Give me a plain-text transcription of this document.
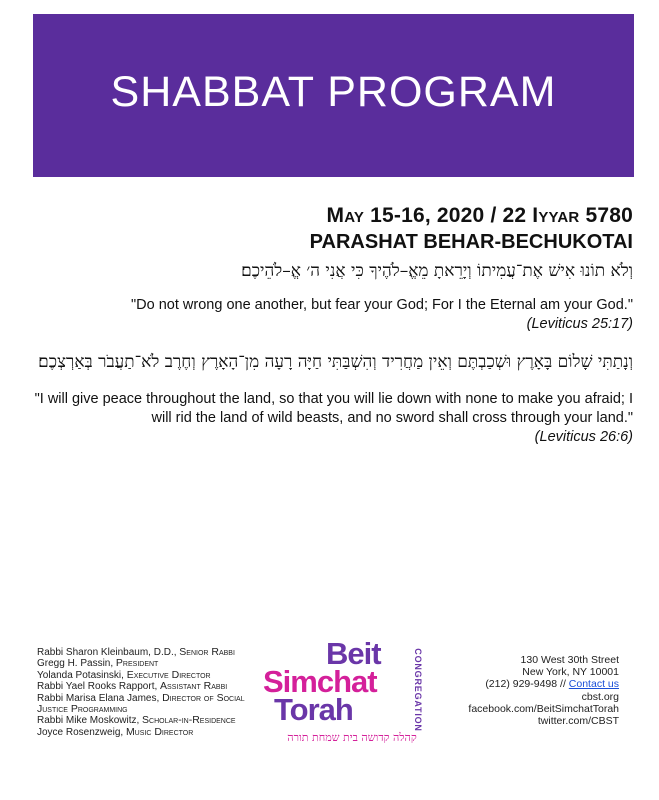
SHABBAT PROGRAM
May 15-16, 2020 / 22 Iyyar 5780
PARASHAT BEHAR-BECHUKOTAI
וְלֹא תוֹנוּ אִישׁ אֶת־עֲמִיתוֹ וְיָרֵאתָ מֵאֱ–לֹהֶיךָ כִּי אֲנִי ה׳ אֱ–לֹהֵיכֶם׃
"Do not wrong one another, but fear your God; For I the Eternal am your God."
(Leviticus 25:17)
וְנָתַתִּי שָׁלוֹם בָּאָרֶץ וּשְׁכַבְתֶּם וְאֵין מַחֲרִיד וְהִשְׁבַּתִּי חַיָּה רָעָה מִן־הָאָרֶץ וְחֶרֶב לֹא־תַעֲבֹר בְּאַרְצְכֶם׃
"I will give peace throughout the land, so that you will lie down with none to make you afraid; I will rid the land of wild beasts, and no sword shall cross through your land."
(Leviticus 26:6)
Rabbi Sharon Kleinbaum, D.D., Senior Rabbi
Gregg H. Passin, President
Yolanda Potasinski, Executive Director
Rabbi Yael Rooks Rapport, Assistant Rabbi
Rabbi Marisa Elana James, Director of Social Justice Programming
Rabbi Mike Moskowitz, Scholar-in-Residence
Joyce Rosenzweig, Music Director
Beit
Simchat
Torah	CONGREGATION
קהלה קדושה בית שמחת תורה
130 West 30th Street
New York, NY 10001
(212) 929-9498 // Contact us
cbst.org
facebook.com/BeitSimchatTorah
twitter.com/CBST
